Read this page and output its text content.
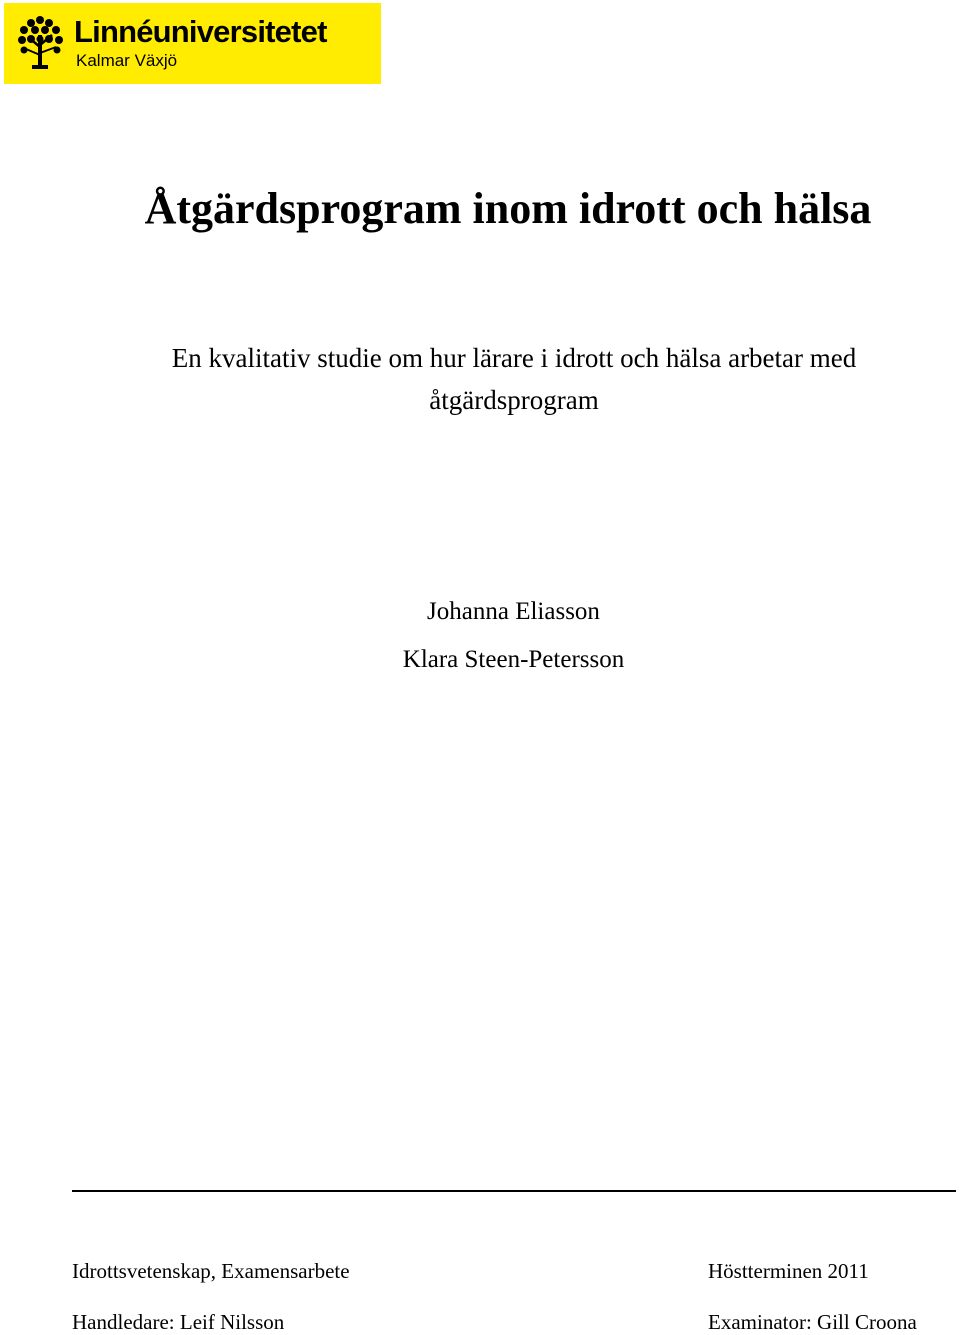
Linnéuniversitetet
Kalmar Växjö
Åtgärdsprogram inom idrott och hälsa
En kvalitativ studie om hur lärare i idrott och hälsa arbetar med åtgärdsprogram
Johanna Eliasson
Klara Steen-Petersson
Idrottsvetenskap, Examensarbete	Höstterminen 2011
Handledare: Leif Nilsson	Examinator: Gill Croona
